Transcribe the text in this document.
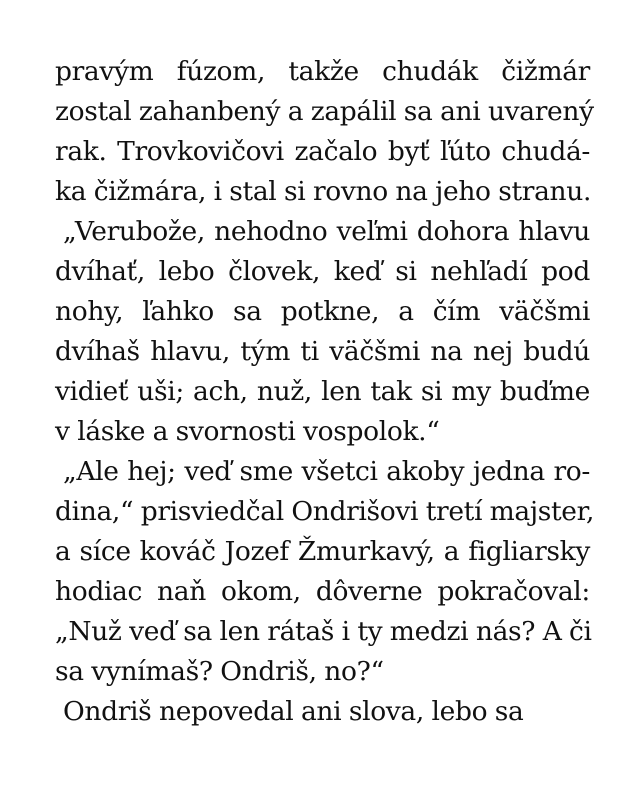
pravým fúzom, takže chudák čižmár
zostal zahanbený a zapálil sa ani uvarený
rak. Trovkovičovi začalo byť ľúto chudá-
ka čižmára, i stal si rovno na jeho stranu.
„Verubože, nehodno veľmi dohora hlavu
dvíhať, lebo človek, keď si nehľadí pod
nohy, ľahko sa potkne, a čím väčšmi
dvíhaš hlavu, tým ti väčšmi na nej budú
vidieť uši; ach, nuž, len tak si my buďme
v láske a svornosti vospolok.“
„Ale hej; veď sme všetci akoby jedna ro-
dina,“ prisviedčal Ondrišovi tretí majster,
a síce kováč Jozef Žmurkavý, a figliarsky
hodiac naň okom, dôverne pokračoval:
„Nuž veď sa len rátaš i ty medzi nás? A či
sa vynímaš? Ondriš, no?“
Ondriš nepovedal ani slova, lebo sa
